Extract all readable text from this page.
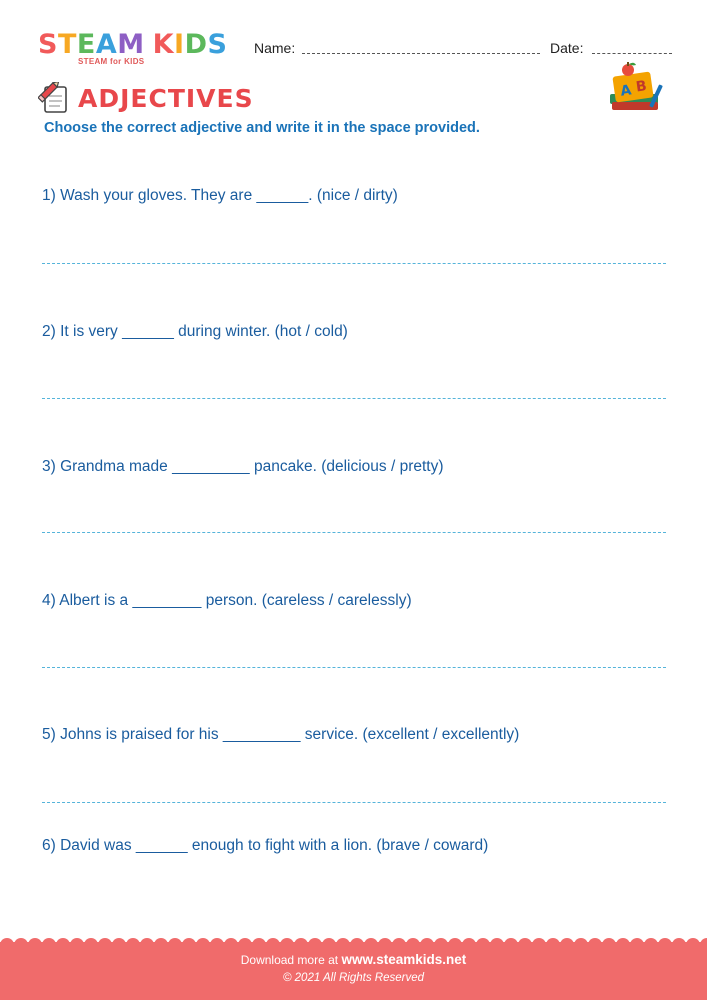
STEAM KIDS
STEAM for KIDS
Name:	Date:
A B
ADJECTIVES
Choose the correct adjective and write it in the space provided.
1) Wash your gloves. They are ______. (nice / dirty)
2) It is very ______ during winter. (hot / cold)
3) Grandma made _________ pancake. (delicious / pretty)
4) Albert is a ________ person. (careless / carelessly)
5) Johns is praised for his _________ service. (excellent / excellently)
6) David was ______ enough to fight with a lion. (brave / coward)
Download more at www.steamkids.net
© 2021 All Rights Reserved
